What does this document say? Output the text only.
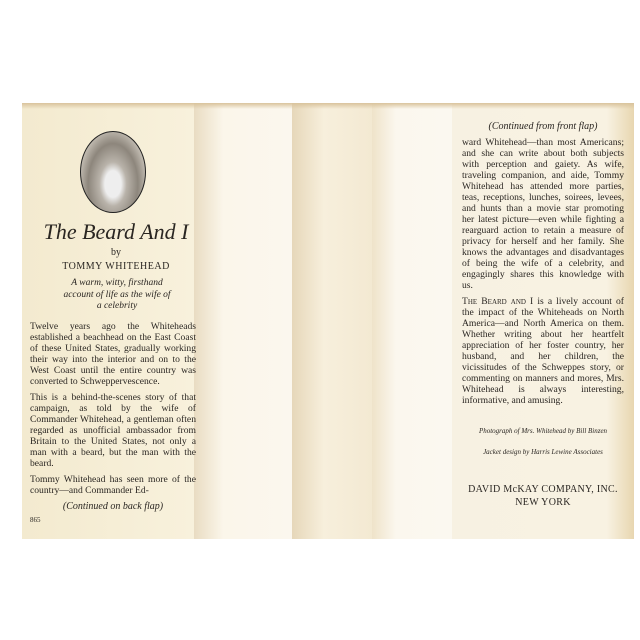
The Beard And I
by
TOMMY WHITEHEAD
A warm, witty, firsthand account of life as the wife of a celebrity
Twelve years ago the Whiteheads established a beachhead on the East Coast of these United States, gradually working their way into the interior and on to the West Coast until the entire country was converted to Schweppervescence.
This is a behind-the-scenes story of that campaign, as told by the wife of Commander Whitehead, a gentleman often regarded as unofficial ambassador from Britain to the United States, not only a man with a beard, but the man with the beard.
Tommy Whitehead has seen more of the country—and Commander Ed-
(Continued on back flap)
865
(Continued from front flap)
ward Whitehead—than most Americans; and she can write about both subjects with perception and gaiety. As wife, traveling companion, and aide, Tommy Whitehead has attended more parties, teas, receptions, lunches, soirees, levees, and hunts than a movie star promoting her latest picture—even while fighting a rearguard action to retain a measure of privacy for herself and her family. She knows the advantages and disadvantages of being the wife of a celebrity, and engagingly shares this knowledge with us.
The Beard and I is a lively account of the impact of the Whiteheads on North America—and North America on them. Whether writing about her heartfelt appreciation of her foster country, her husband, and her children, the vicissitudes of the Schweppes story, or commenting on manners and mores, Mrs. Whitehead is always interesting, informative, and amusing.
Photograph of Mrs. Whitehead by Bill Binzen
Jacket design by Harris Lewine Associates
DAVID McKAY COMPANY, INC.
NEW YORK
